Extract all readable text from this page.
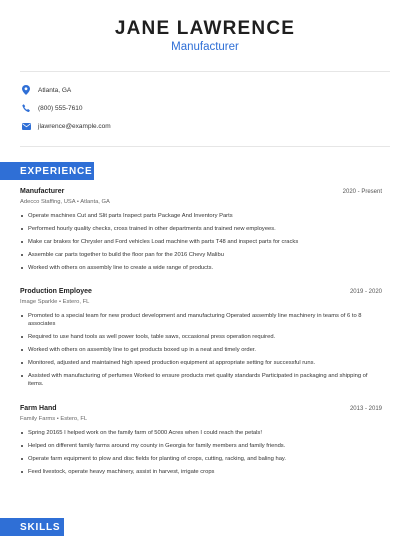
JANE LAWRENCE
Manufacturer
Atlanta, GA
(800) 555-7610
jlawrence@example.com
EXPERIENCE
Manufacturer	2020 - Present
Adecco Staffing, USA • Atlanta, GA
Operate machines Cut and Slit parts Inspect parts Package And Inventory Parts
Performed hourly quality checks, cross trained in other departments and trained new employees.
Make car brakes for Chrysler and Ford vehicles Load machine with parts T48 and inspect parts for cracks
Assemble car parts together to build the floor pan for the 2016 Chevy Malibu
Worked with others on assembly line to create a wide range of products.
Production Employee	2019 - 2020
Image Sparkle • Estero, FL
Promoted to a special team for new product development and manufacturing Operated assembly line machinery in teams of 6 to 8 associates
Required to use hand tools as well power tools, table saws, occasional press operation required.
Worked with others on assembly line to get products boxed up in a neat and timely order.
Monitored, adjusted and maintained high speed production equipment at appropriate setting for successful runs.
Assisted with manufacturing of perfumes Worked to ensure products met quality standards Participated in packaging and shipping of items.
Farm Hand	2013 - 2019
Family Farms • Estero, FL
Spring 20165 I helped work on the family farm of 5000 Acres when I could reach the petals!
Helped on different family farms around my county in Georgia for family members and family friends.
Operate farm equipment to plow and disc fields for planting of crops, cutting, racking, and baling hay.
Feed livestock, operate heavy machinery, assist in harvest, irrigate crops
SKILLS
